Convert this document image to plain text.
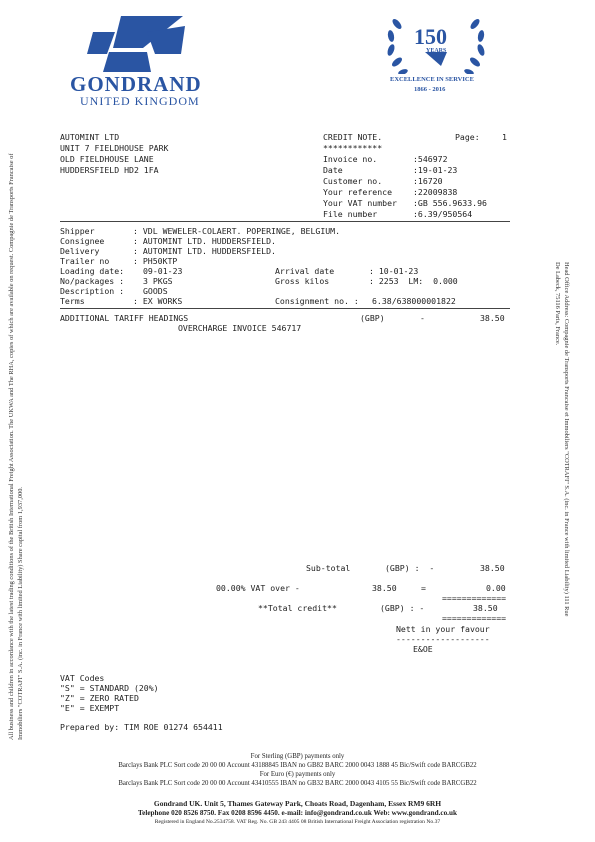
GONDRAND
UNITED KINGDOM
150
YEARS
EXCELLENCE IN SERVICE
1866 - 2016
AUTOMINT LTD
UNIT 7 FIELDHOUSE PARK
OLD FIELDHOUSE LANE
HUDDERSFIELD HD2 1FA
CREDIT NOTE.	Page:	1
************
Invoice no.	:546972
Date	:19-01-23
Customer no.	:16720
Your reference	:22009838
Your VAT number :GB 556.9633.96
File number	:6.39/950564
Shipper	: VDL WEWELER-COLAERT. POPERINGE, BELGIUM.
Consignee	: AUTOMINT LTD. HUDDERSFIELD.
Delivery	: AUTOMINT LTD. HUDDERSFIELD.
Trailer no	: PH50KTP
Loading date: 09-01-23	Arrival date	: 10-01-23
No/packages : 3 PKGS	Gross kilos	: 2253  LM:  0.000
Description : GOODS
Terms	: EX WORKS	Consignment no. : 6.38/638000001822
ADDITIONAL TARIFF HEADINGS	(GBP)	-	38.50
OVERCHARGE INVOICE 546717
Sub-total	(GBP) :  -	38.50
00.00% VAT over -	38.50	=	0.00
=============
**Total credit**	(GBP) : -	38.50
=============
Nett in your favour
-------------------
E&OE
VAT Codes
"S" = STANDARD (20%)
"Z" = ZERO RATED
"E" = EXEMPT
Prepared by: TIM ROE 01274 654411
For Sterling (GBP) payments only
Barclays Bank PLC Sort code 20 00 00 Account 43188845 IBAN no GB82 BARC 2000 0043 1888 45 Bic/Swift code BARCGB22
For Euro (€) payments only
Barclays Bank PLC Sort code 20 00 00 Account 43410555 IBAN no GB32 BARC 2000 0043 4105 55 Bic/Swift code BARCGB22
Gondrand UK. Unit 5, Thames Gateway Park, Choats Road, Dagenham, Essex RM9 6RH
Telephone 020 8526 8750. Fax 0208 8596 4450. e-mail: info@gondrand.co.uk Web: www.gondrand.co.uk
Registered in England No.2534758. VAT Reg. No. GB 243 4405 08 British International Freight Association registration No.37
All business and children in accordance with the latest trading conditions of the British International Freight Association. The UKWA and The RHA, copies of which are available on request. Compagnie de Transports Francaise of Immobiliers "COTRAFI" S.A. (inc. in France with limited Liability) Share capital from 1,937,000.	Head Office Address: Compagnie de Transports Francaise et Immobiliers "COTRAFI" S.A. (inc. in France with limited Liability) 111 Rue De Labeck, 75116 Paris, France.
